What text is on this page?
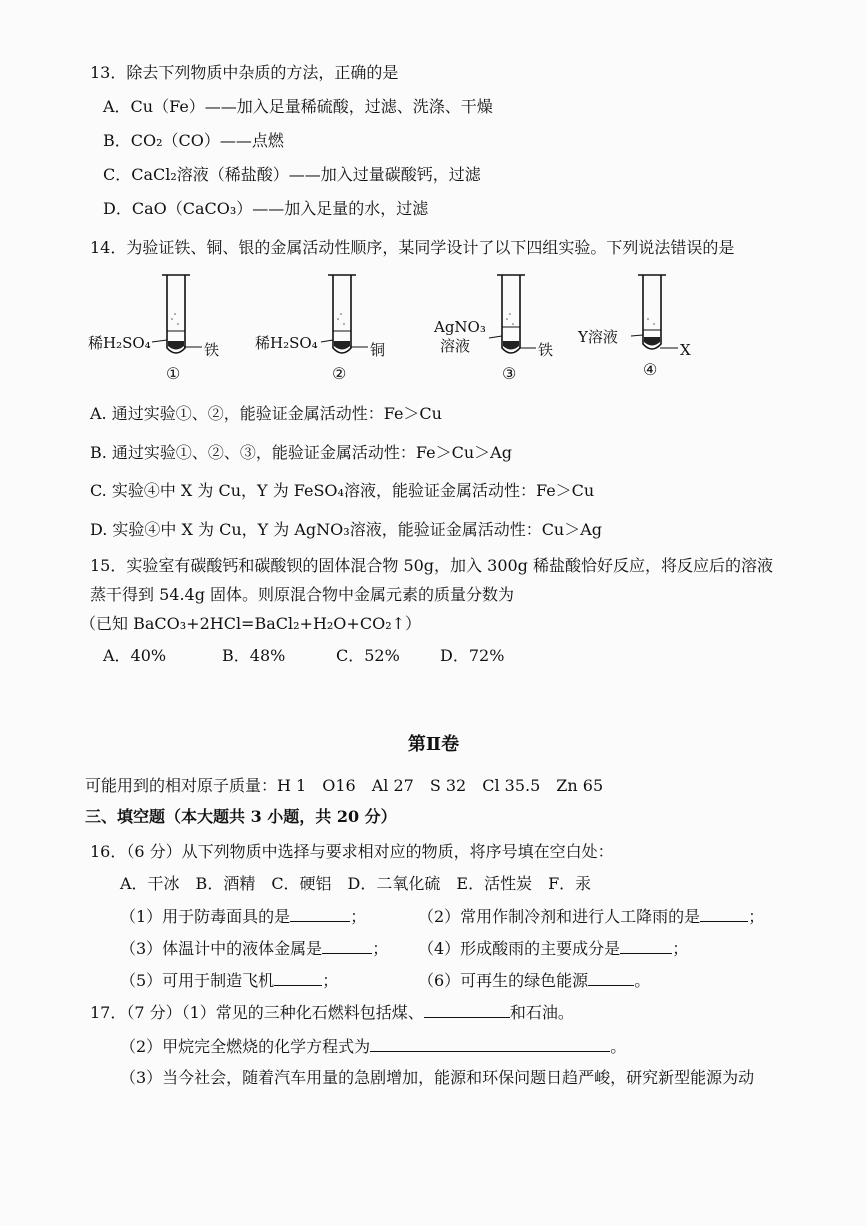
13．除去下列物质中杂质的方法，正确的是
A．Cu（Fe）——加入足量稀硫酸，过滤、洗涤、干燥
B．CO₂（CO）——点燃
C．CaCl₂溶液（稀盐酸）——加入过量碳酸钙，过滤
D．CaO（CaCO₃）——加入足量的水，过滤
14．为验证铁、铜、银的金属活动性顺序，某同学设计了以下四组实验。下列说法错误的是
稀H₂SO₄	铁
①
稀H₂SO₄	铜
②
AgNO₃
溶液	铁
③
Y溶液
X
④
A. 通过实验①、②，能验证金属活动性：Fe＞Cu
B. 通过实验①、②、③，能验证金属活动性：Fe＞Cu＞Ag
C. 实验④中 X 为 Cu，Y 为 FeSO₄溶液，能验证金属活动性：Fe＞Cu
D. 实验④中 X 为 Cu，Y 为 AgNO₃溶液，能验证金属活动性：Cu＞Ag
15．实验室有碳酸钙和碳酸钡的固体混合物 50g，加入 300g 稀盐酸恰好反应，将反应后的溶液
蒸干得到 54.4g 固体。则原混合物中金属元素的质量分数为
（已知 BaCO₃+2HCl=BaCl₂+H₂O+CO₂↑）
A．40%	B．48%	C．52%	D．72%
第Ⅱ卷
可能用到的相对原子质量：H 1　O16　Al 27　S 32　Cl 35.5　Zn 65
三、填空题（本大题共 3 小题，共 20 分）
16．（6 分）从下列物质中选择与要求相对应的物质，将序号填在空白处：
A．干冰　B．酒精　C．硬铝　D．二氧化硫　E．活性炭　F．汞
（1）用于防毒面具的是	；	（2）常用作制冷剂和进行人工降雨的是	；
（3）体温计中的液体金属是	； （4）形成酸雨的主要成分是	；
（5）可用于制造飞机	；	（6）可再生的绿色能源	。
17．（7 分）（1）常见的三种化石燃料包括煤、	和石油。
（2）甲烷完全燃烧的化学方程式为	。
（3）当今社会，随着汽车用量的急剧增加，能源和环保问题日趋严峻，研究新型能源为动
